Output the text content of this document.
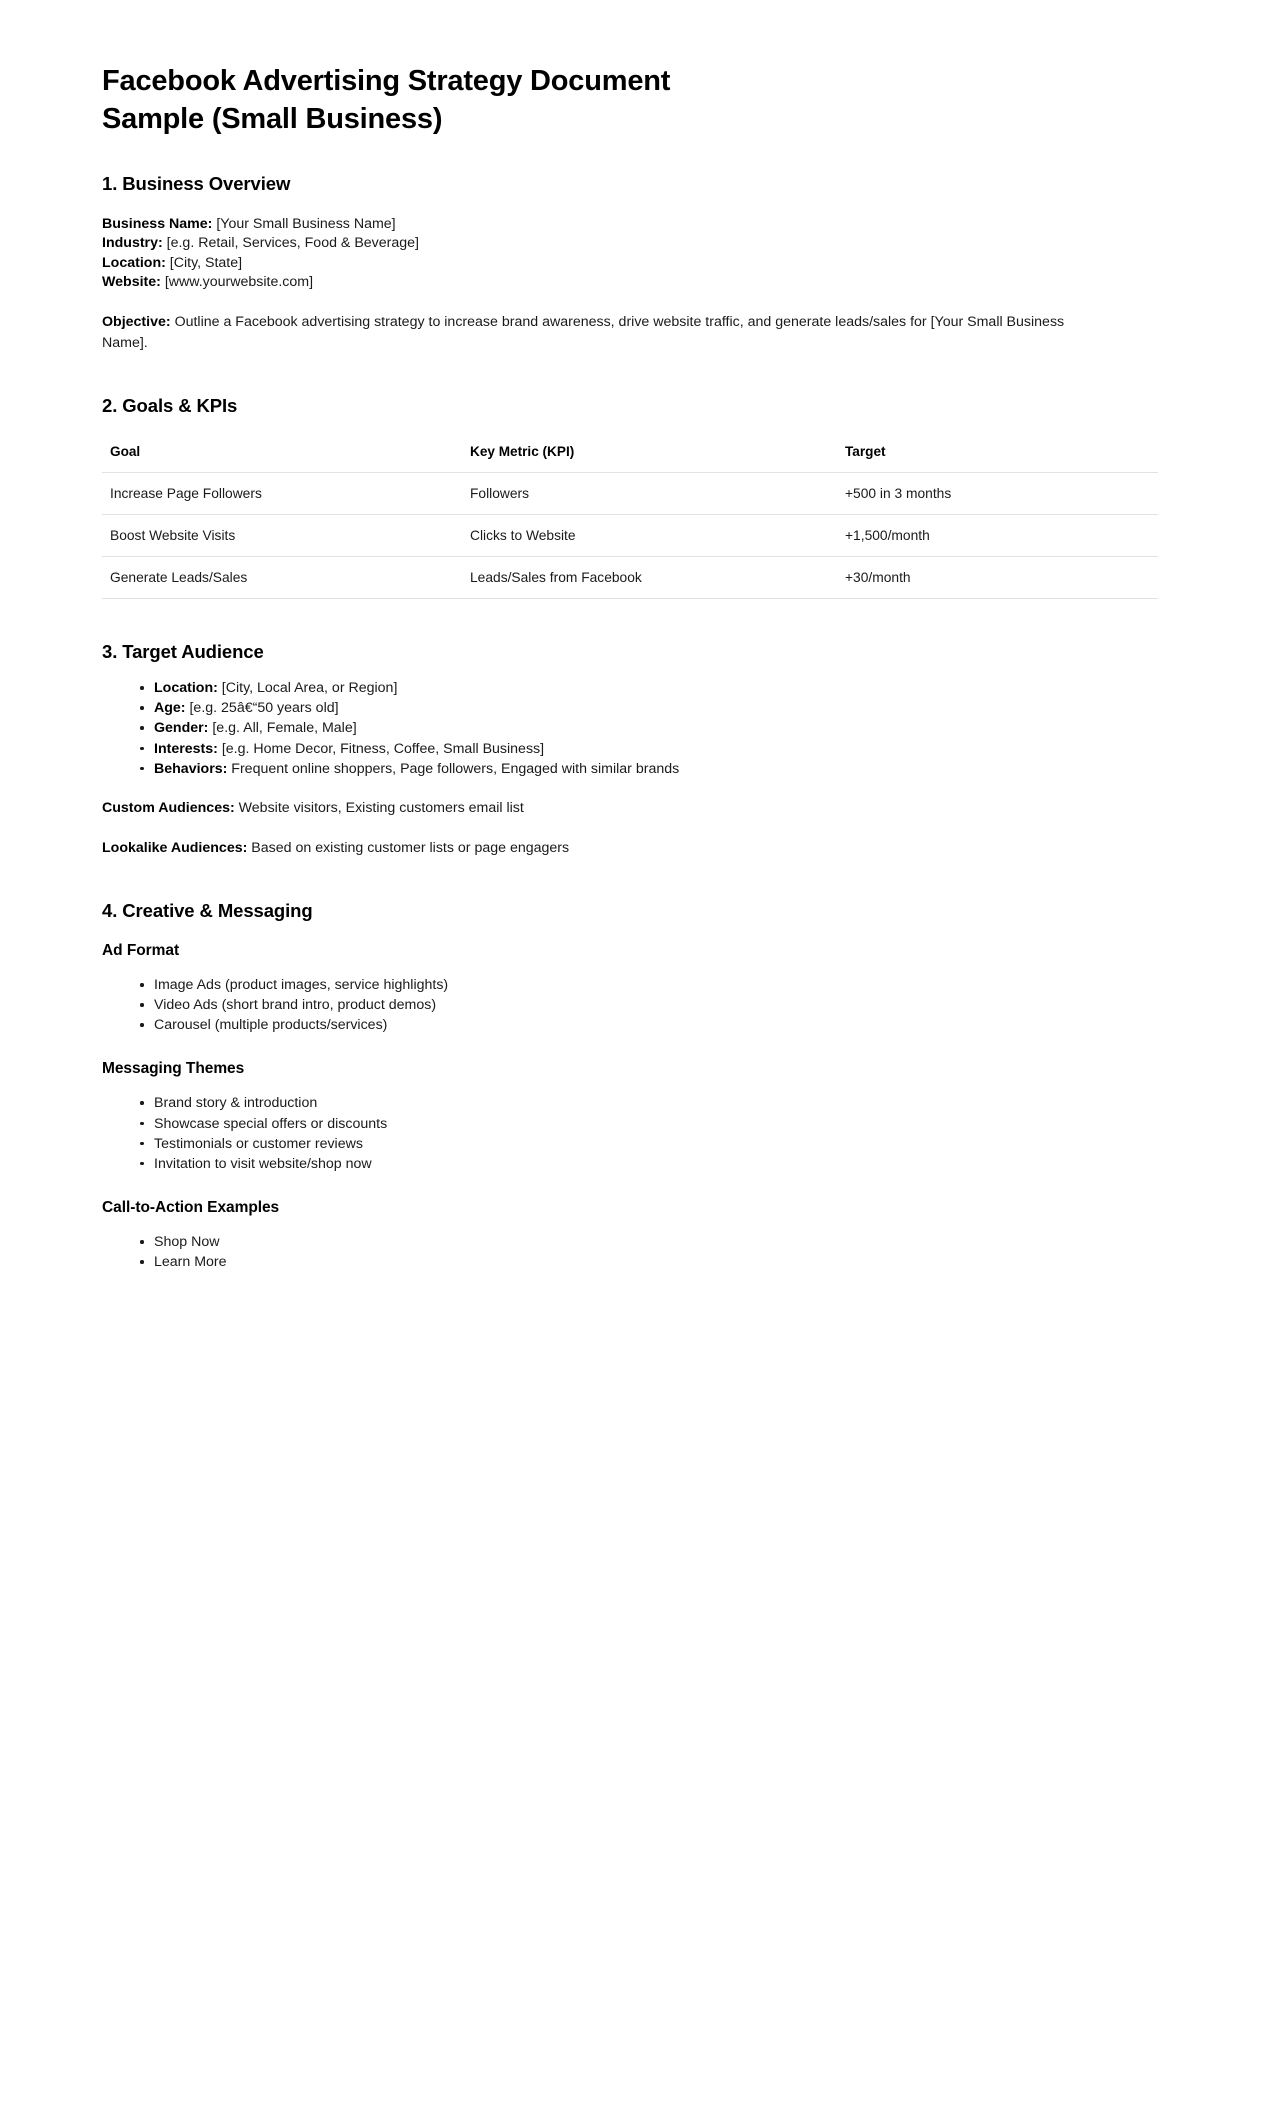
Facebook Advertising Strategy Document
Sample (Small Business)
1. Business Overview

Business Name: [Your Small Business Name]

Industry: [e.g. Retail, Services, Food & Beverage]

Location: [City, State]

Website: [www.yourwebsite.com]

Objective: Outline a Facebook advertising strategy to increase brand awareness, drive website traffic, and generate leads/sales for [Your Small Business Name].

2. Goals & KPIs
Goal	Key Metric (KPI)	Target
Increase Page Followers	Followers	+500 in 3 months
Boost Website Visits	Clicks to Website	+1,500/month
Generate Leads/Sales	Leads/Sales from Facebook	+30/month
3. Target Audience
Location: [City, Local Area, or Region]
Age: [e.g. 25â€“50 years old]
Gender: [e.g. All, Female, Male]
Interests: [e.g. Home Decor, Fitness, Coffee, Small Business]
Behaviors: Frequent online shoppers, Page followers, Engaged with similar brands

Custom Audiences: Website visitors, Existing customers email list

Lookalike Audiences: Based on existing customer lists or page engagers

4. Creative & Messaging
Ad Format
Image Ads (product images, service highlights)
Video Ads (short brand intro, product demos)
Carousel (multiple products/services)
Messaging Themes
Brand story & introduction
Showcase special offers or discounts
Testimonials or customer reviews
Invitation to visit website/shop now
Call-to-Action Examples
Shop Now
Learn More
